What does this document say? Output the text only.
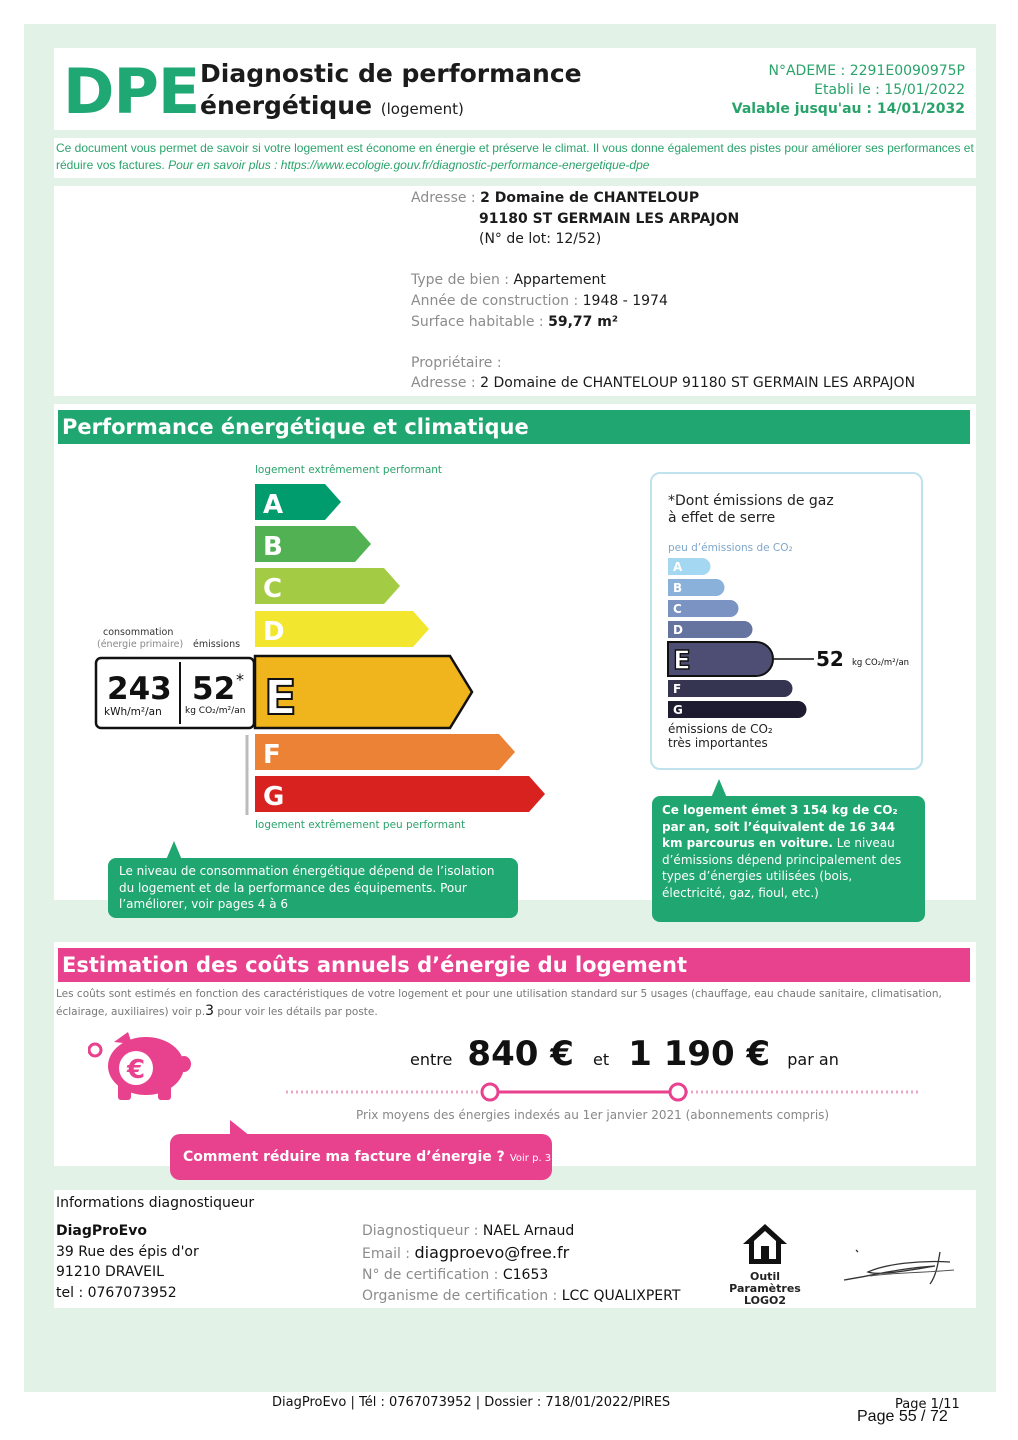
DPE Diagnostic de performance
énergétique (logement)
N°ADEME : 2291E0090975P
Etabli le : 15/01/2022
Valable jusqu'au : 14/01/2032
Ce document vous permet de savoir si votre logement est économe en énergie et préserve le climat. Il vous donne également des pistes pour améliorer ses performances et réduire vos factures. Pour en savoir plus : https://www.ecologie.gouv.fr/diagnostic-performance-energetique-dpe
Adresse : 2 Domaine de CHANTELOUP
91180 ST GERMAIN LES ARPAJON
(N° de lot: 12/52)
Type de bien : Appartement
Année de construction : 1948 - 1974
Surface habitable : 59,77 m²
Propriétaire :
Adresse : 2 Domaine de CHANTELOUP 91180 ST GERMAIN LES ARPAJON
Performance énergétique et climatique
logement extrêmement performant
A
B
C
D
E
F
G
logement extrêmement peu performant
consommation
(énergie primaire) émissions
243
kWh/m²/an
52 *
kg CO₂/m²/an
Le niveau de consommation énergétique dépend de l’isolation du logement et de la performance des équipements. Pour l’améliorer, voir pages 4 à 6
*Dont émissions de gaz
à effet de serre
peu d’émissions de CO₂
A
B
C
D
E
F
G
52 kg CO₂/m²/an
émissions de CO₂
très importantes
Ce logement émet 3 154 kg de CO₂ par an, soit l’équivalent de 16 344 km parcourus en voiture. Le niveau d’émissions dépend principalement des types d’énergies utilisées (bois, électricité, gaz, fioul, etc.)
Estimation des coûts annuels d’énergie du logement
Les coûts sont estimés en fonction des caractéristiques de votre logement et pour une utilisation standard sur 5 usages (chauffage, eau chaude sanitaire, climatisation, éclairage, auxiliaires) voir p.3 pour voir les détails par poste.
€	entre 840 € et 1 190 € par an
Prix moyens des énergies indexés au 1er janvier 2021 (abonnements compris)
Comment réduire ma facture d’énergie ? Voir p. 3
Informations diagnostiqueur
DiagProEvo
39 Rue des épis d'or
91210 DRAVEIL
tel : 0767073952
Diagnostiqueur : NAEL Arnaud
Email : diagproevo@free.fr
N° de certification : C1653
Organisme de certification : LCC QUALIXPERT
Outil
Paramètres
LOGO2
DiagProEvo | Tél : 0767073952 | Dossier : 718/01/2022/PIRES	Page 1/11
Page 55 / 72
